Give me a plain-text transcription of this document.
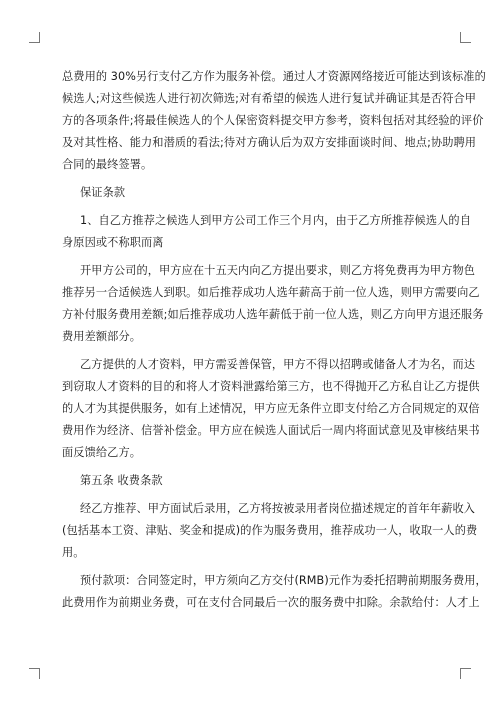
总费用的 30%另行支付乙方作为服务补偿。通过人才资源网络接近可能达到该标准的
候选人;对这些候选人进行初次筛选;对有希望的候选人进行复试并确证其是否符合甲
方的各项条件;将最佳候选人的个人保密资料提交甲方参考，资料包括对其经验的评价
及对其性格、能力和潜质的看法;待对方确认后为双方安排面谈时间、地点;协助聘用
合同的最终签署。
保证条款
1、自乙方推荐之候选人到甲方公司工作三个月内，由于乙方所推荐候选人的自
身原因或不称职而离
开甲方公司的，甲方应在十五天内向乙方提出要求，则乙方将免费再为甲方物色
推荐另一合适候选人到职。如后推荐成功人选年薪高于前一位人选，则甲方需要向乙
方补付服务费用差额;如后推荐成功人选年薪低于前一位人选，则乙方向甲方退还服务
费用差额部分。
乙方提供的人才资料，甲方需妥善保管，甲方不得以招聘或储备人才为名，而达
到窃取人才资料的目的和将人才资料泄露给第三方，也不得抛开乙方私自让乙方提供
的人才为其提供服务，如有上述情况，甲方应无条件立即支付给乙方合同规定的双倍
费用作为经济、信誉补偿金。甲方应在候选人面试后一周内将面试意见及审核结果书
面反馈给乙方。
第五条 收费条款
经乙方推荐、甲方面试后录用，乙方将按被录用者岗位描述规定的首年年薪收入
(包括基本工资、津贴、奖金和提成)的作为服务费用，推荐成功一人，收取一人的费
用。
预付款项：合同签定时，甲方须向乙方交付(RMB)元作为委托招聘前期服务费用，
此费用作为前期业务费，可在支付合同最后一次的服务费中扣除。余款给付：人才上
